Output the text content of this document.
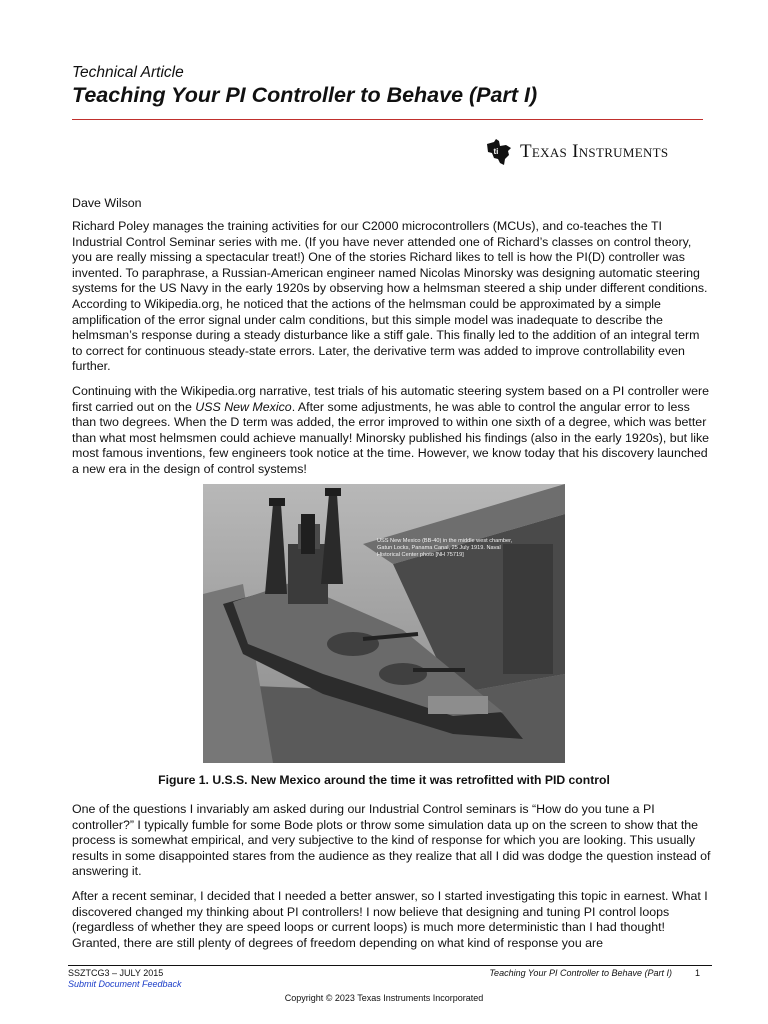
Technical Article
Teaching Your PI Controller to Behave (Part I)
ti Texas Instruments
Dave Wilson

Richard Poley manages the training activities for our C2000 microcontrollers (MCUs), and co-teaches the TI Industrial Control Seminar series with me. (If you have never attended one of Richard’s classes on control theory, you are really missing a spectacular treat!) One of the stories Richard likes to tell is how the PI(D) controller was invented. To paraphrase, a Russian-American engineer named Nicolas Minorsky was designing automatic steering systems for the US Navy in the early 1920s by observing how a helmsman steered a ship under different conditions. According to Wikipedia.org, he noticed that the actions of the helmsman could be approximated by a simple amplification of the error signal under calm conditions, but this simple model was inadequate to describe the helmsman’s response during a steady disturbance like a stiff gale. This finally led to the addition of an integral term to correct for continuous steady-state errors. Later, the derivative term was added to improve controllability even further.

Continuing with the Wikipedia.org narrative, test trials of his automatic steering system based on a PI controller were first carried out on the USS New Mexico. After some adjustments, he was able to control the angular error to less than two degrees. When the D term was added, the error improved to within one sixth of a degree, which was better than what most helmsmen could achieve manually! Minorsky published his findings (also in the early 1920s), but like most famous inventions, few engineers took notice at the time. However, we know today that his discovery launched a new era in the design of control systems!

USS New Mexico (BB-40) in the middle west chamber,
Gatun Locks, Panama Canal, 25 July 1919. Naval
Historical Center photo [NH 75719]
Figure 1. U.S.S. New Mexico around the time it was retrofitted with PID control

One of the questions I invariably am asked during our Industrial Control seminars is “How do you tune a PI controller?” I typically fumble for some Bode plots or throw some simulation data up on the screen to show that the process is somewhat empirical, and very subjective to the kind of response for which you are looking. This usually results in some disappointed stares from the audience as they realize that all I did was dodge the question instead of answering it.

After a recent seminar, I decided that I needed a better answer, so I started investigating this topic in earnest. What I discovered changed my thinking about PI controllers! I now believe that designing and tuning PI control loops (regardless of whether they are speed loops or current loops) is much more deterministic than I had thought! Granted, there are still plenty of degrees of freedom depending on what kind of response you are

SSZTCG3 – JULY 2015
Submit Document Feedback
Teaching Your PI Controller to Behave (Part I)	1
Copyright © 2023 Texas Instruments Incorporated
